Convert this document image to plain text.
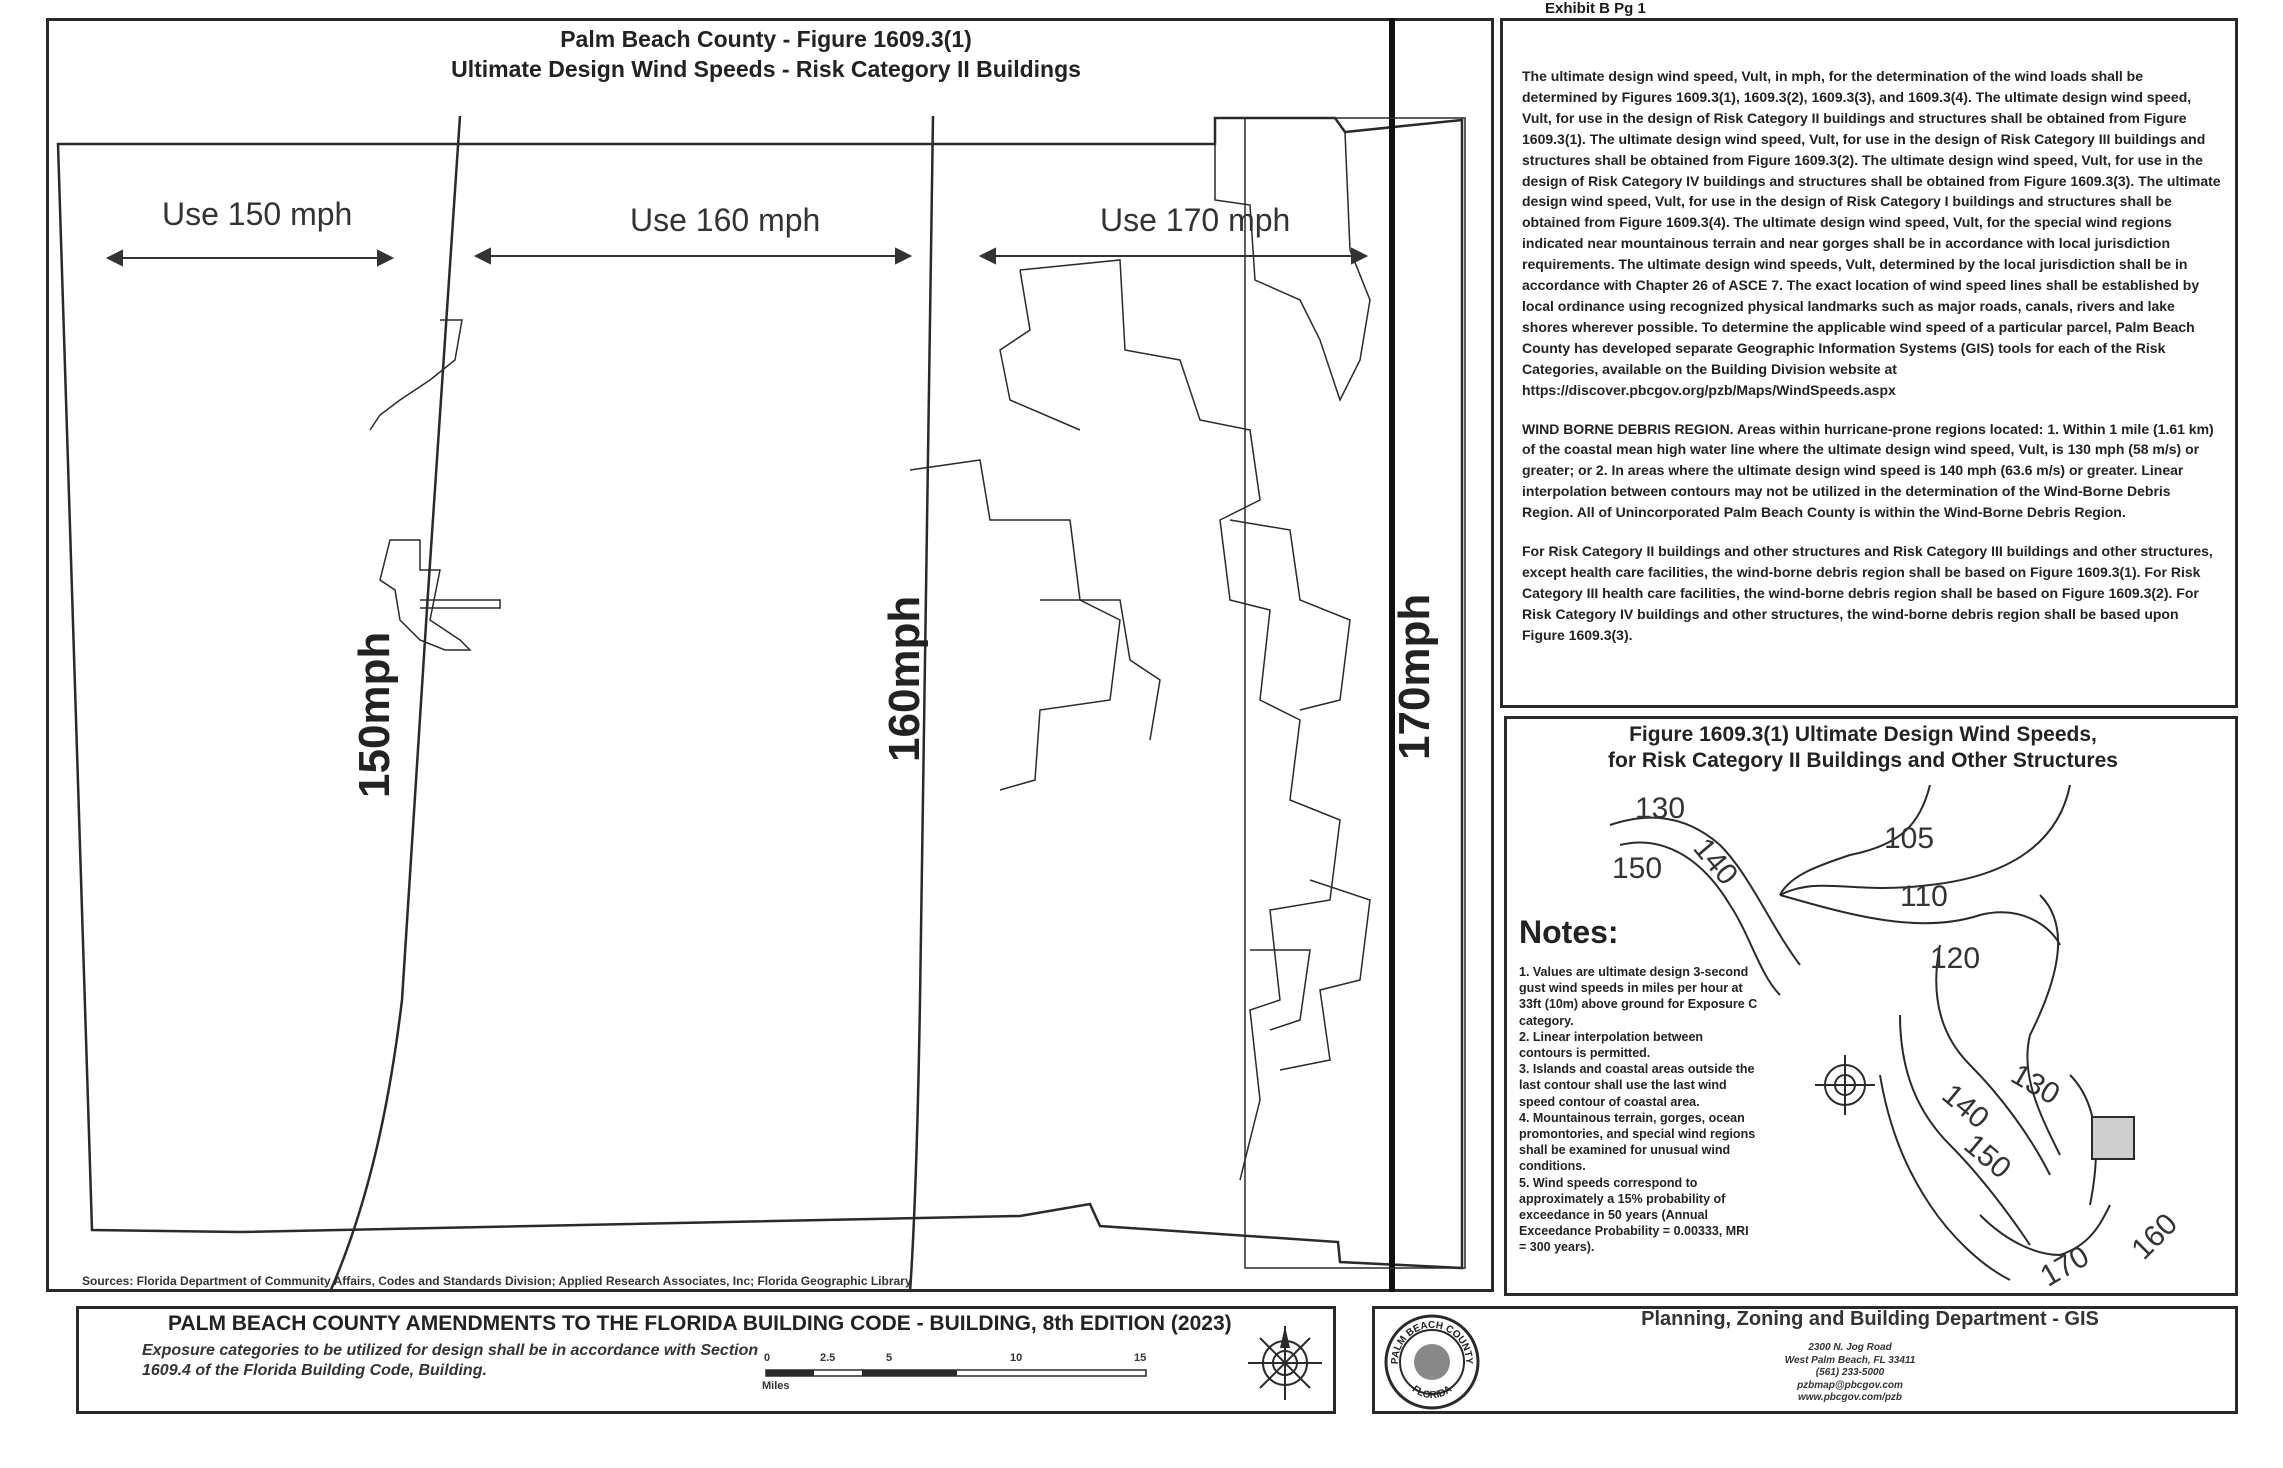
Exhibit B Pg 1
Palm Beach County - Figure 1609.3(1)
Ultimate Design Wind Speeds - Risk Category II Buildings
Use 150 mph	Use 160 mph	Use 170 mph
150mph	160mph	170mph
Sources: Florida Department of Community Affairs, Codes and Standards Division; Applied Research Associates, Inc; Florida Geographic Library

The ultimate design wind speed, Vult, in mph, for the determination of the wind loads shall be determined by Figures 1609.3(1), 1609.3(2), 1609.3(3), and 1609.3(4). The ultimate design wind speed, Vult, for use in the design of Risk Category II buildings and structures shall be obtained from Figure 1609.3(1). The ultimate design wind speed, Vult, for use in the design of Risk Category III buildings and structures shall be obtained from Figure 1609.3(2). The ultimate design wind speed, Vult, for use in the design of Risk Category IV buildings and structures shall be obtained from Figure 1609.3(3). The ultimate design wind speed, Vult, for use in the design of Risk Category I buildings and structures shall be obtained from Figure 1609.3(4). The ultimate design wind speed, Vult, for the special wind regions indicated near mountainous terrain and near gorges shall be in accordance with local jurisdiction requirements. The ultimate design wind speeds, Vult, determined by the local jurisdiction shall be in accordance with Chapter 26 of ASCE 7. The exact location of wind speed lines shall be established by local ordinance using recognized physical landmarks such as major roads, canals, rivers and lake shores wherever possible. To determine the applicable wind speed of a particular parcel, Palm Beach County has developed separate Geographic Information Systems (GIS) tools for each of the Risk Categories, available on the Building Division website at https://discover.pbcgov.org/pzb/Maps/WindSpeeds.aspx

WIND BORNE DEBRIS REGION. Areas within hurricane-prone regions located: 1. Within 1 mile (1.61 km) of the coastal mean high water line where the ultimate design wind speed, Vult, is 130 mph (58 m/s) or greater; or 2. In areas where the ultimate design wind speed is 140 mph (63.6 m/s) or greater. Linear interpolation between contours may not be utilized in the determination of the Wind-Borne Debris Region. All of Unincorporated Palm Beach County is within the Wind-Borne Debris Region.

For Risk Category II buildings and other structures and Risk Category III buildings and other structures, except health care facilities, the wind-borne debris region shall be based on Figure 1609.3(1). For Risk Category III health care facilities, the wind-borne debris region shall be based on Figure 1609.3(2). For Risk Category IV buildings and other structures, the wind-borne debris region shall be based upon Figure 1609.3(3).

Figure 1609.3(1) Ultimate Design Wind Speeds,
for Risk Category II Buildings and Other Structures
130
140
150
105
110
120
130
140
150
160
170
Notes:
1. Values are ultimate design 3-second gust wind speeds in miles per hour at 33ft (10m) above ground for Exposure C category.
2. Linear interpolation between contours is permitted.
3. Islands and coastal areas outside the last contour shall use the last wind speed contour of coastal area.
4. Mountainous terrain, gorges, ocean promontories, and special wind regions shall be examined for unusual wind conditions.
5. Wind speeds correspond to approximately a 15% probability of exceedance in 50 years (Annual Exceedance Probability = 0.00333, MRI = 300 years).
PALM BEACH COUNTY AMENDMENTS TO THE FLORIDA BUILDING CODE - BUILDING, 8th EDITION (2023)
Exposure categories to be utilized for design shall be in accordance with Section 1609.4 of the Florida Building Code, Building.
0	2.5	5	10	15
Miles
PALM BEACH COUNTY
FLORIDA
Planning, Zoning and Building Department - GIS
2300 N. Jog Road
West Palm Beach, FL 33411
(561) 233-5000
pzbmap@pbcgov.com
www.pbcgov.com/pzb
